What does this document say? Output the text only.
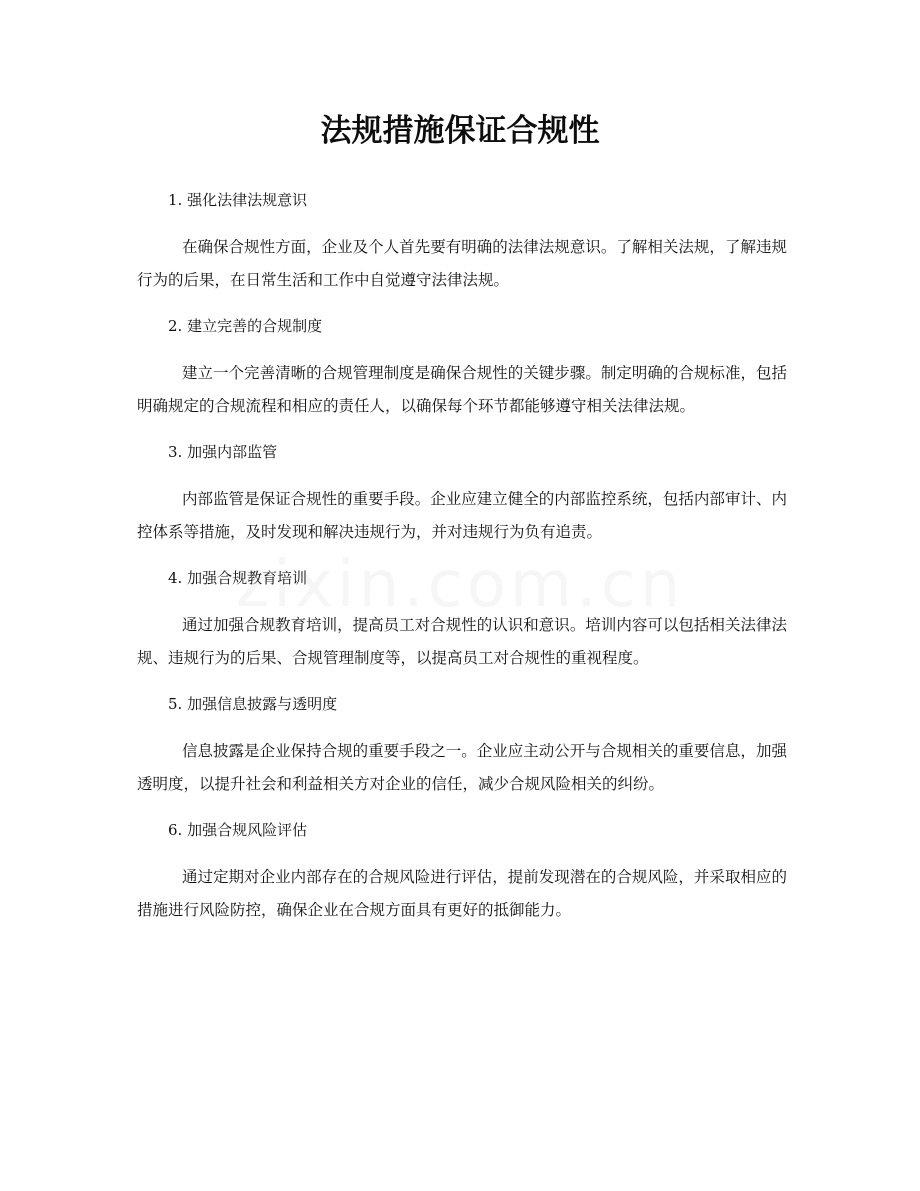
法规措施保证合规性

1. 强化法律法规意识

在确保合规性方面，企业及个人首先要有明确的法律法规意识。了解相关法规，了解违规行为的后果，在日常生活和工作中自觉遵守法律法规。

2. 建立完善的合规制度

建立一个完善清晰的合规管理制度是确保合规性的关键步骤。制定明确的合规标准，包括明确规定的合规流程和相应的责任人，以确保每个环节都能够遵守相关法律法规。

3. 加强内部监管

内部监管是保证合规性的重要手段。企业应建立健全的内部监控系统，包括内部审计、内控体系等措施，及时发现和解决违规行为，并对违规行为负有追责。

4. 加强合规教育培训

通过加强合规教育培训，提高员工对合规性的认识和意识。培训内容可以包括相关法律法规、违规行为的后果、合规管理制度等，以提高员工对合规性的重视程度。

5. 加强信息披露与透明度

信息披露是企业保持合规的重要手段之一。企业应主动公开与合规相关的重要信息，加强透明度，以提升社会和利益相关方对企业的信任，减少合规风险相关的纠纷。

6. 加强合规风险评估

通过定期对企业内部存在的合规风险进行评估，提前发现潜在的合规风险，并采取相应的措施进行风险防控，确保企业在合规方面具有更好的抵御能力。
